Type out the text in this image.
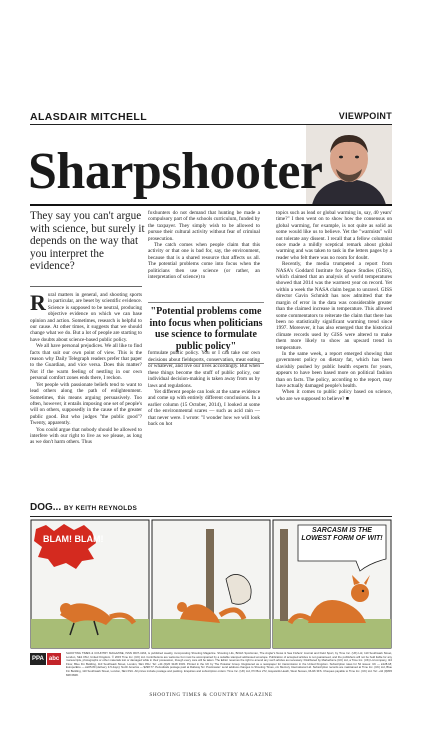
ALASDAIR MITCHELL	VIEWPOINT
Sharpshooter
They say you can't argue with science, but surely it depends on the way that you interpret the evidence?

Rural matters in general, and shooting sports in particular, are beset by scientific evidence. Science is supposed to be neutral, producing objective evidence on which we can base opinion and action. Sometimes, research is helpful to our cause. At other times, it suggests that we should change what we do. But a lot of people are starting to have doubts about science-based public policy.

We all have personal prejudices. We all like to find facts that suit our own point of view. This is the reason why Daily Telegraph readers prefer that paper to the Guardian, and vice versa. Does this matter? Not if the warm feeling of nestling in our own personal comfort zones ends there, I reckon.

Yet people with passionate beliefs tend to want to lead others along the path of enlightenment. Sometimes, this means arguing persuasively. Too often, however, it entails imposing one set of people's will on others, supposedly in the cause of the greater public good. But who judges "the public good"? Twenty, apparently.

You could argue that nobody should be allowed to interfere with our right to live as we please, as long as we don't harm others. Thus

foxhunters do not demand that hunting be made a compulsory part of the schools curriculum, funded by the taxpayer. They simply wish to be allowed to pursue their cultural activity without fear of criminal prosecution.

The catch comes when people claim that this activity or that one is bad for, say, the environment, because that is a shared resource that affects us all. The potential problems come into focus when the politicians then use science (or rather, an interpretation of science) to

formulate public policy. You or I can take our own decisions about fieldsports, conservation, meat eating or whatever, and live our lives accordingly. But when these things become the stuff of public policy, our individual decision-making is taken away from us by laws and regulations.

Yet different people can look at the same evidence and come up with entirely different conclusions. In a earlier column (15 October, 2014), I looked at some of the environmental scares — such as acid rain — that never were. I wrote: "I wonder how we will look back on hot

"Potential problems come into focus when politicians use science to formulate public policy"

topics such as lead or global warming in, say, 40 years' time?" I then went on to show how the consensus on global warming, for example, is not quite as solid as some would like us to believe. Yet the "warmists" will not tolerate any dissent. I recall that a fellow columnist once made a mildly sceptical remark about global warming and was taken to task in the letters pages by a reader who felt there was no room for doubt.

Recently, the media trumpeted a report from NASA's Goddard Institute for Space Studies (GISS), which claimed that an analysis of world temperatures showed that 2014 was the warmest year on record. Yet within a week the NASA claim began to unravel. GISS director Gavin Schmidt has now admitted that the margin of error in the data was considerable greater than the claimed increase in temperature. This allowed some commentators to reiterate the claim that there has been no statistically significant warming trend since 1997. Moreover, it has also emerged that the historical climate records used by GISS were altered to make them more likely to show an upward trend in temperature.

In the same week, a report emerged showing that government policy on dietary fat, which has been slavishly pushed by public health experts for years, appears to have been based more on political fashion than on facts. The policy, according to the report, may have actually damaged people's health.

When it comes to public policy based on science, who are we supposed to believe? ■

DOG... BY KEITH REYNOLDS
BLAM! BLAM!
SARCASM IS THE LOWEST FORM OF WIT!
PPA abc
SHOOTING TIMES & COUNTRY MAGAZINE, ISSN 0037-4164, is published weekly, incorporating Shooting Magazine. Shooting Life, British Sportsman, The Angler's News & Sea Fishers' Journal and Field Sport, by Time Inc. (UK) Ltd, 110 Southwark Street, London, SE1 0SU, United Kingdom. © 2015 Time Inc. (UK) Ltd. Contributions are welcome but must be accompanied by a suitable stamped addressed envelope. Publication of accepted articles is not guaranteed, and the publishers will not be held liable for any manuscripts, photographs or other materials lost or damaged while in their possession, though every care will be taken. The Editor reserves the right to amend any such articles as necessary. Distributed by Marketforce (UK) Ltd, a Time Inc. (UK) Ltd company, 3rd Floor, Blue Fin Building, 110 Southwark Street, London, SE1 0SU. Tel: +44 (0)20 3148 3333. Printed in the UK by The Polestar Group. Registered as a newspaper for transmission in the United Kingdom. Subscription rates for 52 issues: UK — £128.18; Europe/Eire — £225.80 (delivery 3-5 days); North America — $298.77. Periodicals postage paid at Rahway NJ. Postmaster: send address changes to Shooting Times, c/o Mercury International Ltd. Subscription records are maintained at Time Inc. (UK) Ltd, Blue Fin Building, 110 Southwark Street, London, SE1 0SU. All prices include postage and packing. Enquiries and subscription orders: Time Inc. (UK) Ltd, PO Box 272, Haywards Heath, West Sussex, RH16 3FS. Cheques payable to Time Inc. (UK) Ltd. Tel: +44 (0)845 848 0848.
SHOOTING TIMES & COUNTRY MAGAZINE
